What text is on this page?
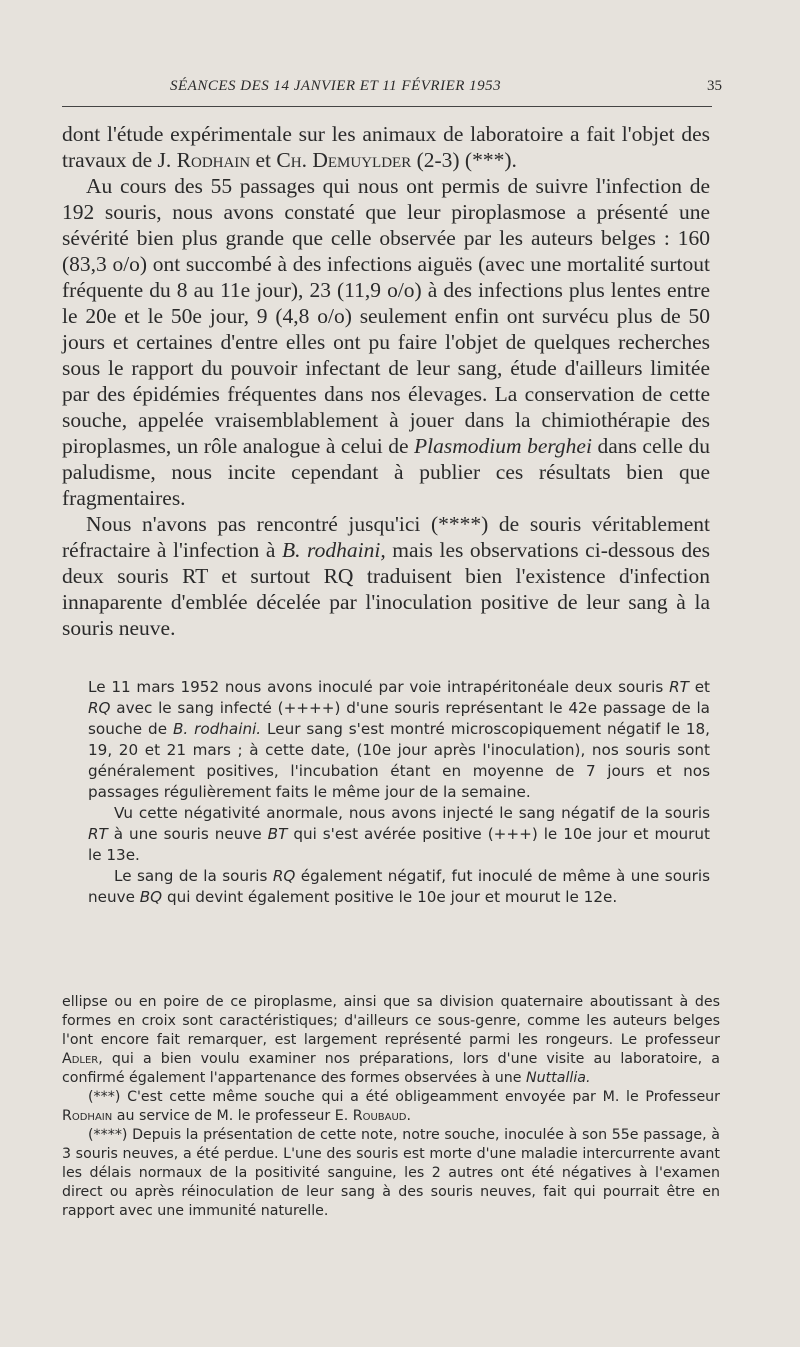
SÉANCES DES 14 JANVIER ET 11 FÉVRIER 1953	35

dont l'étude expérimentale sur les animaux de laboratoire a fait l'objet des travaux de J. Rodhain et Ch. Demuylder (2-3) (***).

Au cours des 55 passages qui nous ont permis de suivre l'infection de 192 souris, nous avons constaté que leur piroplasmose a présenté une sévérité bien plus grande que celle observée par les auteurs belges : 160 (83,3 o/o) ont succombé à des infections aiguës (avec une mortalité surtout fréquente du 8 au 11e jour), 23 (11,9 o/o) à des infections plus lentes entre le 20e et le 50e jour, 9 (4,8 o/o) seulement enfin ont survécu plus de 50 jours et certaines d'entre elles ont pu faire l'objet de quelques recherches sous le rapport du pouvoir infectant de leur sang, étude d'ailleurs limitée par des épidémies fréquentes dans nos élevages. La conservation de cette souche, appelée vraisemblablement à jouer dans la chimiothérapie des piroplasmes, un rôle analogue à celui de Plasmodium berghei dans celle du paludisme, nous incite cependant à publier ces résultats bien que fragmentaires.

Nous n'avons pas rencontré jusqu'ici (****) de souris véritablement réfractaire à l'infection à B. rodhaini, mais les observations ci-dessous des deux souris RT et surtout RQ traduisent bien l'existence d'infection innaparente d'emblée décelée par l'inoculation positive de leur sang à la souris neuve.

Le 11 mars 1952 nous avons inoculé par voie intrapéritonéale deux souris RT et RQ avec le sang infecté (++++) d'une souris représentant le 42e passage de la souche de B. rodhaini. Leur sang s'est montré microscopiquement négatif le 18, 19, 20 et 21 mars ; à cette date, (10e jour après l'inoculation), nos souris sont généralement positives, l'incubation étant en moyenne de 7 jours et nos passages régulièrement faits le même jour de la semaine.

Vu cette négativité anormale, nous avons injecté le sang négatif de la souris RT à une souris neuve BT qui s'est avérée positive (+++) le 10e jour et mourut le 13e.

Le sang de la souris RQ également négatif, fut inoculé de même à une souris neuve BQ qui devint également positive le 10e jour et mourut le 12e.

ellipse ou en poire de ce piroplasme, ainsi que sa division quaternaire aboutissant à des formes en croix sont caractéristiques; d'ailleurs ce sous-genre, comme les auteurs belges l'ont encore fait remarquer, est largement représenté parmi les rongeurs. Le professeur Adler, qui a bien voulu examiner nos préparations, lors d'une visite au laboratoire, a confirmé également l'appartenance des formes observées à une Nuttallia.

(***) C'est cette même souche qui a été obligeamment envoyée par M. le Professeur Rodhain au service de M. le professeur E. Roubaud.

(****) Depuis la présentation de cette note, notre souche, inoculée à son 55e passage, à 3 souris neuves, a été perdue. L'une des souris est morte d'une maladie intercurrente avant les délais normaux de la positivité sanguine, les 2 autres ont été négatives à l'examen direct ou après réinoculation de leur sang à des souris neuves, fait qui pourrait être en rapport avec une immunité naturelle.
